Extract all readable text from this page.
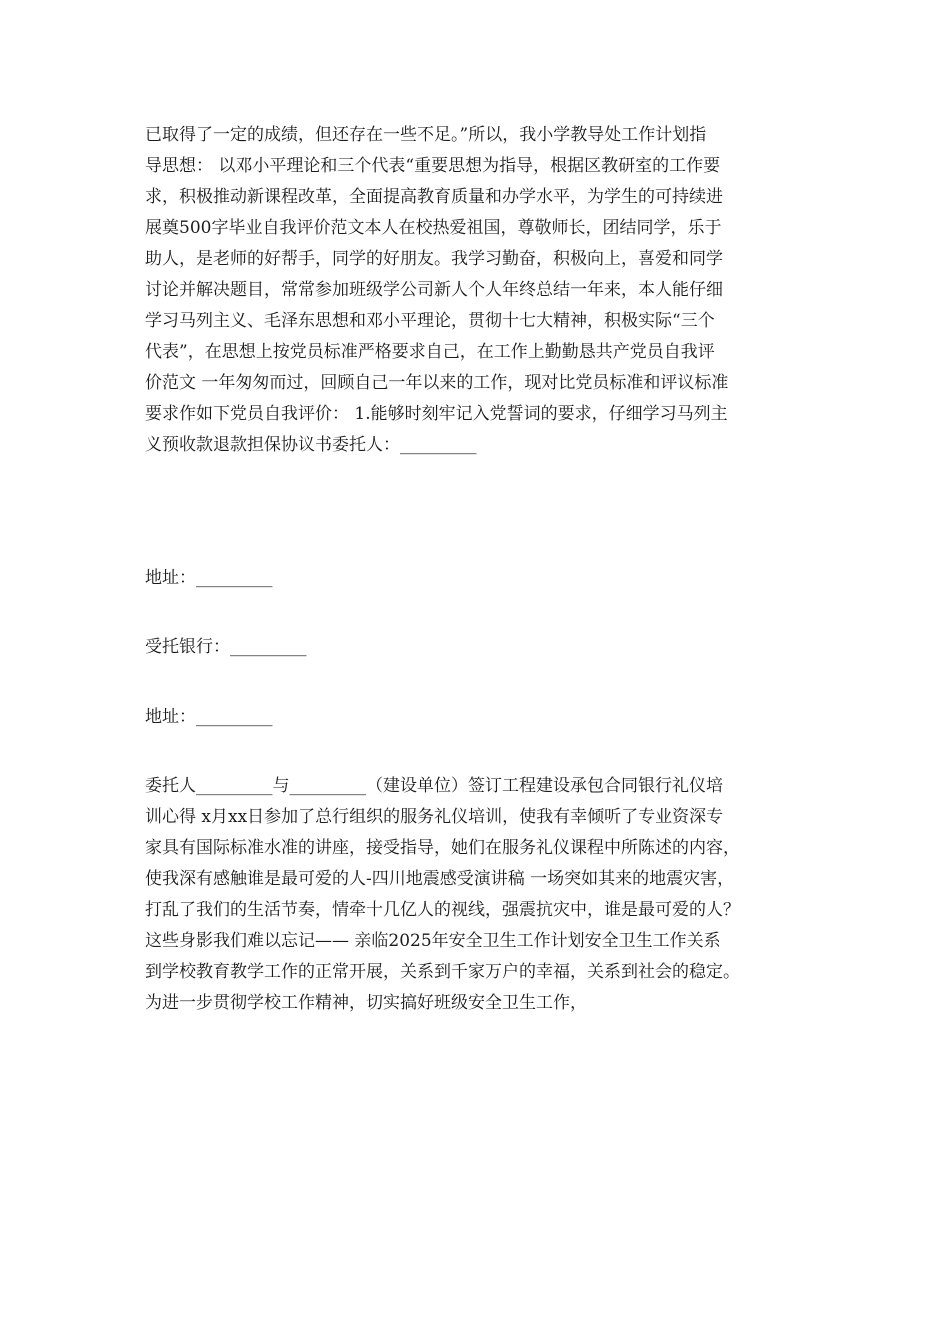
已取得了一定的成绩，但还存在一些不足。”所以，我小学教导处工作计划指
导思想： 以邓小平理论和三个代表“重要思想为指导，根据区教研室的工作要
求，积极推动新课程改革，全面提高教育质量和办学水平，为学生的可持续进
展奠500字毕业自我评价范文本人在校热爱祖国，尊敬师长，团结同学，乐于
助人，是老师的好帮手，同学的好朋友。我学习勤奋，积极向上，喜爱和同学
讨论并解决题目，常常参加班级学公司新人个人年终总结一年来，本人能仔细
学习马列主义、毛泽东思想和邓小平理论，贯彻十七大精神，积极实际“三个
代表”，在思想上按党员标准严格要求自己，在工作上勤勤恳共产党员自我评
价范文 一年匆匆而过，回顾自己一年以来的工作，现对比党员标准和评议标准
要求作如下党员自我评价： 1.能够时刻牢记入党誓词的要求，仔细学习马列主
义预收款退款担保协议书委托人：_________
地址：_________
受托银行：_________
地址：_________
委托人_________与_________（建设单位）签订工程建设承包合同银行礼仪培
训心得 x月xx日参加了总行组织的服务礼仪培训，使我有幸倾听了专业资深专
家具有国际标准水准的讲座，接受指导，她们在服务礼仪课程中所陈述的内容，
使我深有感触谁是最可爱的人-四川地震感受演讲稿 一场突如其来的地震灾害，
打乱了我们的生活节奏，情牵十几亿人的视线，强震抗灾中，谁是最可爱的人？
这些身影我们难以忘记—— 亲临2025年安全卫生工作计划安全卫生工作关系
到学校教育教学工作的正常开展，关系到千家万户的幸福，关系到社会的稳定。
为进一步贯彻学校工作精神，切实搞好班级安全卫生工作，
